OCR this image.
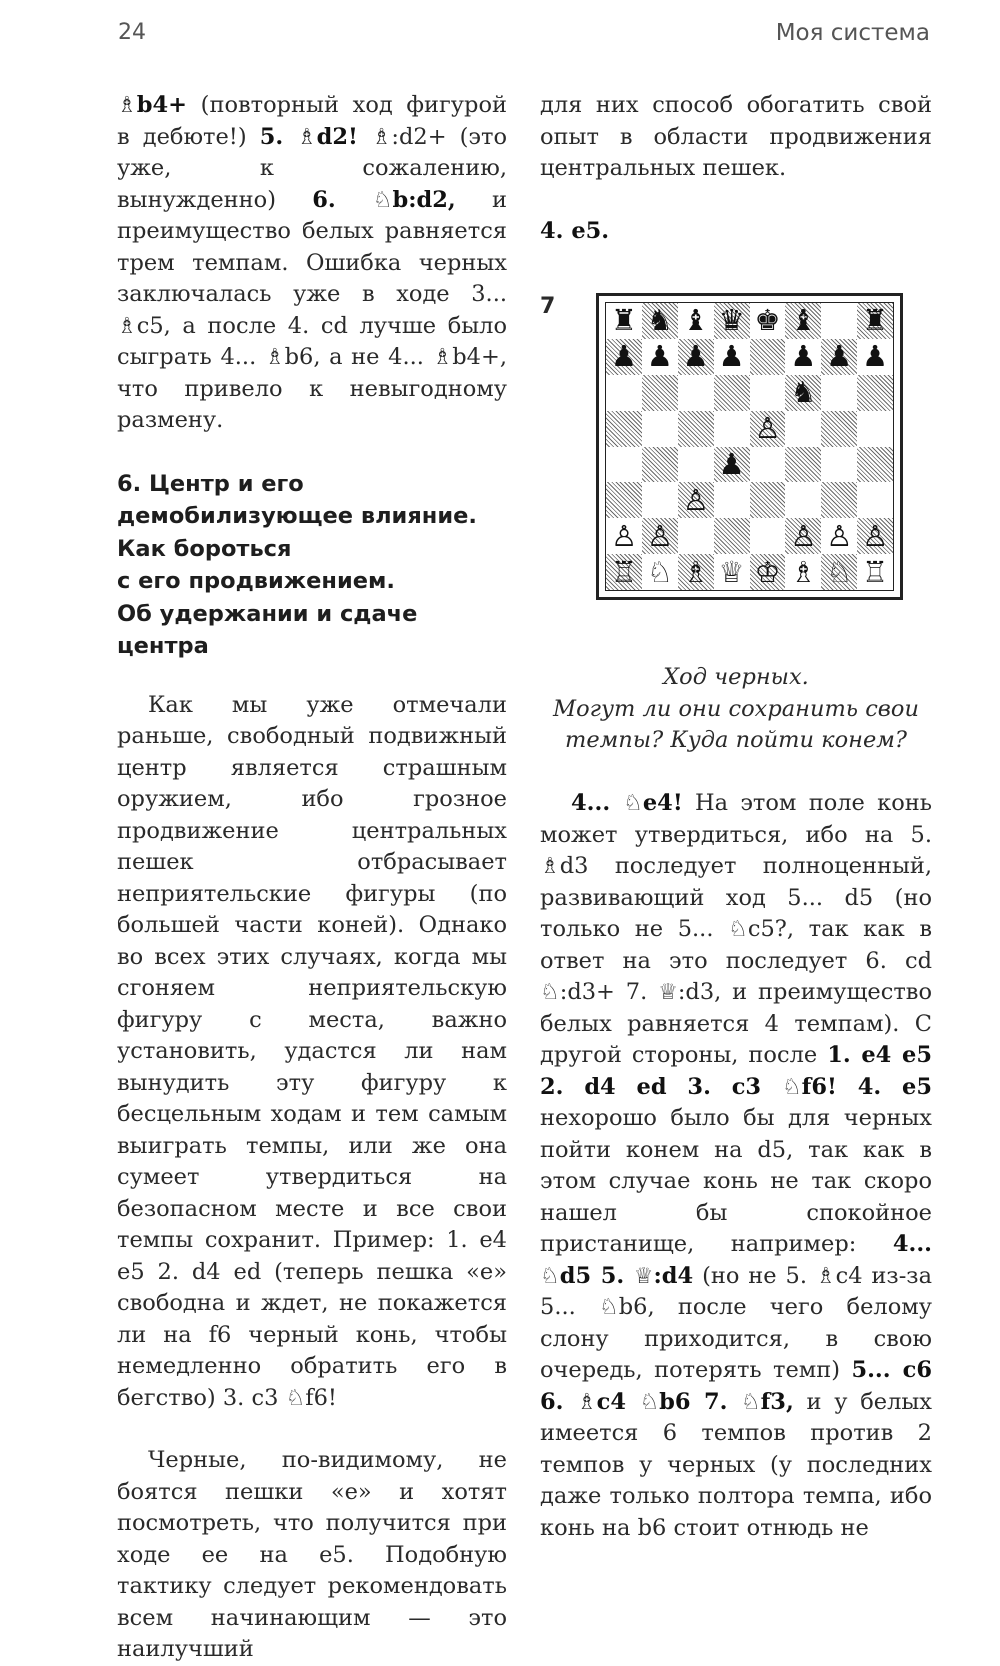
24	Моя система

♗b4+ (повторный ход фигурой в дебюте!) 5. ♗d2! ♗:d2+ (это уже, к сожалению, вынужденно) 6. ♘b:d2, и преимущество белых равняется трем темпам. Ошибка черных заключалась уже в ходе 3... ♗c5, а после 4. cd лучше было сыграть 4... ♗b6, а не 4... ♗b4+, что привело к невыгодному размену.

6. Центр и его
демобилизующее влияние.
Как бороться
с его продвижением.
Об удержании и сдаче центра

Как мы уже отмечали раньше, свободный подвижный центр является страшным оружием, ибо грозное продвижение центральных пешек отбрасывает неприятельские фигуры (по большей части коней). Однако во всех этих случаях, когда мы сгоняем неприятельскую фигуру с места, важно установить, удастся ли нам вынудить эту фигуру к бесцельным ходам и тем самым выиграть темпы, или же она сумеет утвердиться на безопасном месте и все свои темпы сохранит. Пример: 1. e4 e5 2. d4 ed (теперь пешка «е» свободна и ждет, не покажется ли на f6 черный конь, чтобы немедленно обратить его в бегство) 3. c3 ♘f6!

Черные, по-видимому, не боятся пешки «е» и хотят посмотреть, что получится при ходе ее на e5. Подобную тактику следует рекомендовать всем начинающим — это наилучший

для них способ обогатить свой опыт в области продвижения центральных пешек.

4. e5.

7 ♜ ♞ ♝ ♛ ♚ ♝ ♜
♟ ♟ ♟ ♟ ♟ ♟ ♟
♞
♙
♟
♙
♙ ♙	♙ ♙ ♙
♖ ♘ ♗ ♕ ♔ ♗ ♘ ♖
Ход черных.
Могут ли они сохранить свои
темпы? Куда пойти конем?

4... ♘e4! На этом поле конь может утвердиться, ибо на 5. ♗d3 последует полноценный, развивающий ход 5... d5 (но только не 5... ♘c5?, так как в ответ на это последует 6. cd ♘:d3+ 7. ♕:d3, и преимущество белых равняется 4 темпам). С другой стороны, после 1. e4 e5 2. d4 ed 3. c3 ♘f6! 4. e5 нехорошо было бы для черных пойти конем на d5, так как в этом случае конь не так скоро нашел бы спокойное пристанище, например: 4... ♘d5 5. ♕:d4 (но не 5. ♗c4 из-за 5... ♘b6, после чего белому слону приходится, в свою очередь, потерять темп) 5... c6 6. ♗c4 ♘b6 7. ♘f3, и у белых имеется 6 темпов против 2 темпов у черных (у последних даже только полтора темпа, ибо конь на b6 стоит отнюдь не
